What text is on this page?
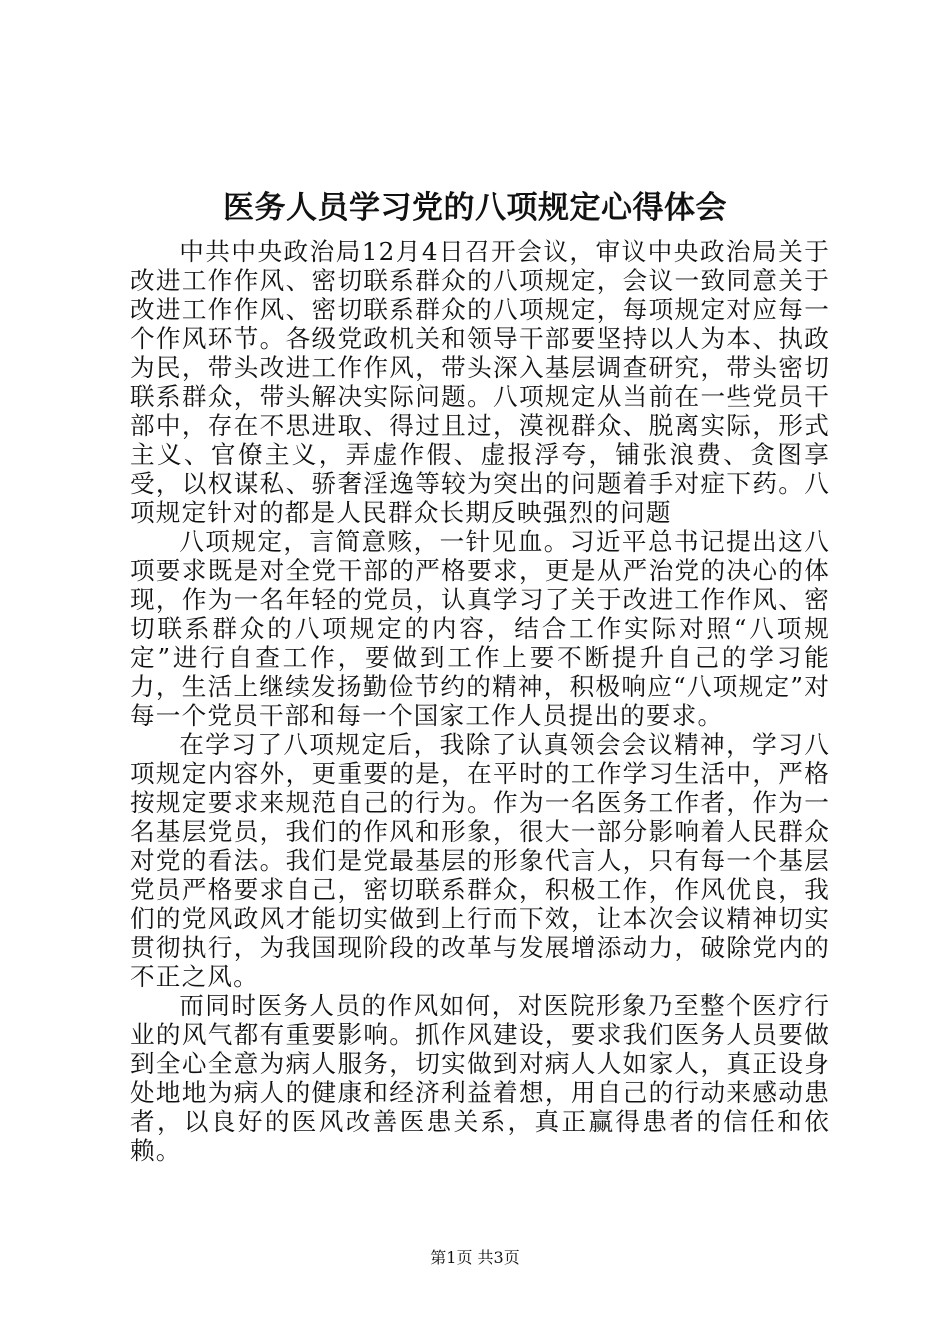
医务人员学习党的八项规定心得体会

中共中央政治局12月4日召开会议，审议中央政治局关于改进工作作风、密切联系群众的八项规定，会议一致同意关于改进工作作风、密切联系群众的八项规定，每项规定对应每一个作风环节。各级党政机关和领导干部要坚持以人为本、执政为民，带头改进工作作风，带头深入基层调查研究，带头密切联系群众，带头解决实际问题。八项规定从当前在一些党员干部中，存在不思进取、得过且过，漠视群众、脱离实际，形式主义、官僚主义，弄虚作假、虚报浮夸，铺张浪费、贪图享受，以权谋私、骄奢淫逸等较为突出的问题着手对症下药。八项规定针对的都是人民群众长期反映强烈的问题

八项规定，言简意赅，一针见血。习近平总书记提出这八项要求既是对全党干部的严格要求，更是从严治党的决心的体现，作为一名年轻的党员，认真学习了关于改进工作作风、密切联系群众的八项规定的内容，结合工作实际对照“八项规定”进行自查工作，要做到工作上要不断提升自己的学习能力，生活上继续发扬勤俭节约的精神，积极响应“八项规定”对每一个党员干部和每一个国家工作人员提出的要求。

在学习了八项规定后，我除了认真领会会议精神，学习八项规定内容外，更重要的是，在平时的工作学习生活中，严格按规定要求来规范自己的行为。作为一名医务工作者，作为一名基层党员，我们的作风和形象，很大一部分影响着人民群众对党的看法。我们是党最基层的形象代言人，只有每一个基层党员严格要求自己，密切联系群众，积极工作，作风优良，我们的党风政风才能切实做到上行而下效，让本次会议精神切实贯彻执行，为我国现阶段的改革与发展增添动力，破除党内的不正之风。

而同时医务人员的作风如何，对医院形象乃至整个医疗行业的风气都有重要影响。抓作风建设，要求我们医务人员要做到全心全意为病人服务，切实做到对病人人如家人，真正设身处地地为病人的健康和经济利益着想，用自己的行动来感动患者，以良好的医风改善医患关系，真正赢得患者的信任和依赖。

第1页 共3页
